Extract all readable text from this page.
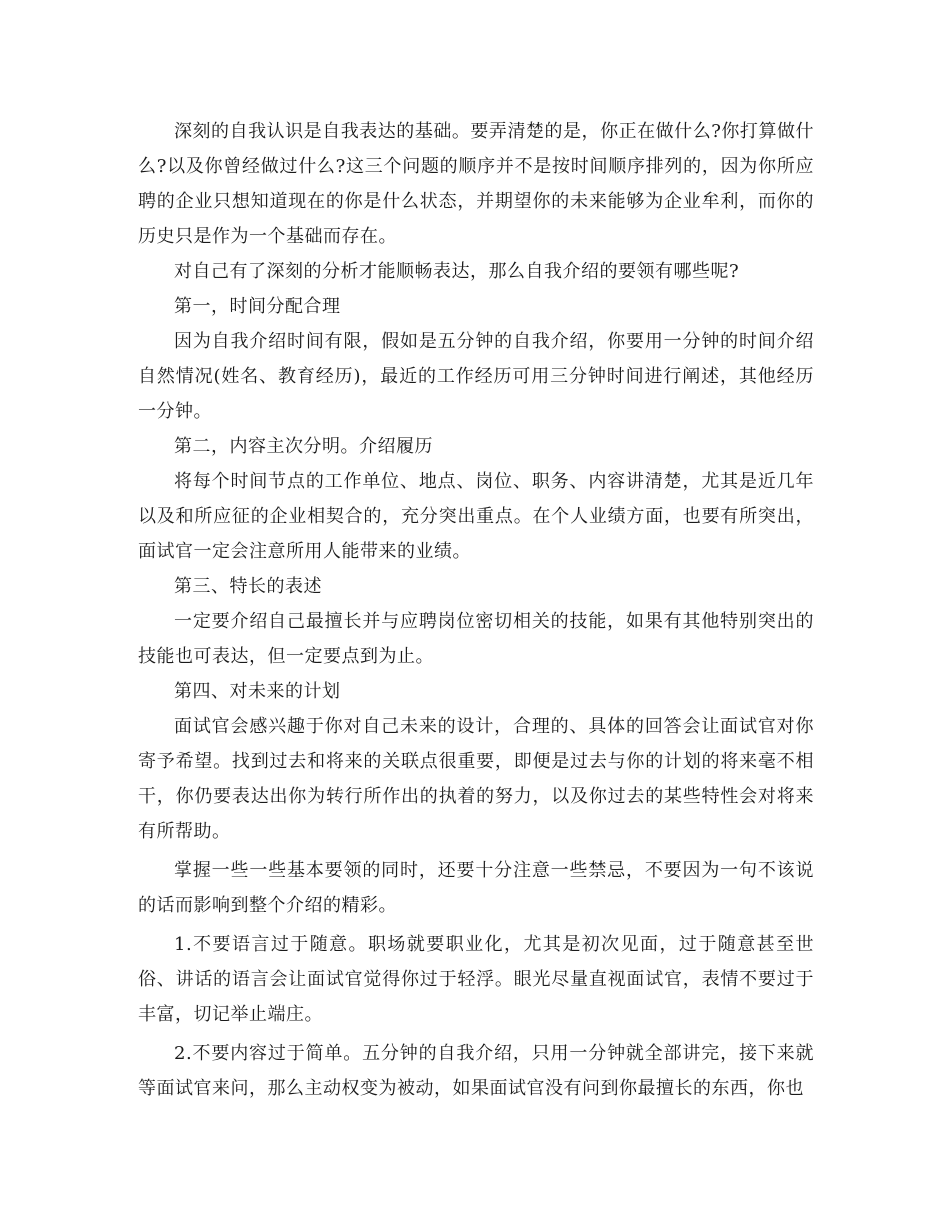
深刻的自我认识是自我表达的基础。要弄清楚的是，你正在做什么?你打算做什么?以及你曾经做过什么?这三个问题的顺序并不是按时间顺序排列的，因为你所应聘的企业只想知道现在的你是什么状态，并期望你的未来能够为企业牟利，而你的历史只是作为一个基础而存在。

对自己有了深刻的分析才能顺畅表达，那么自我介绍的要领有哪些呢?

第一，时间分配合理

因为自我介绍时间有限，假如是五分钟的自我介绍，你要用一分钟的时间介绍自然情况(姓名、教育经历)，最近的工作经历可用三分钟时间进行阐述，其他经历一分钟。

第二，内容主次分明。介绍履历

将每个时间节点的工作单位、地点、岗位、职务、内容讲清楚，尤其是近几年以及和所应征的企业相契合的，充分突出重点。在个人业绩方面，也要有所突出，面试官一定会注意所用人能带来的业绩。

第三、特长的表述

一定要介绍自己最擅长并与应聘岗位密切相关的技能，如果有其他特别突出的技能也可表达，但一定要点到为止。

第四、对未来的计划

面试官会感兴趣于你对自己未来的设计，合理的、具体的回答会让面试官对你寄予希望。找到过去和将来的关联点很重要，即便是过去与你的计划的将来毫不相干，你仍要表达出你为转行所作出的执着的努力，以及你过去的某些特性会对将来有所帮助。

掌握一些一些基本要领的同时，还要十分注意一些禁忌，不要因为一句不该说的话而影响到整个介绍的精彩。

1.不要语言过于随意。职场就要职业化，尤其是初次见面，过于随意甚至世俗、讲话的语言会让面试官觉得你过于轻浮。眼光尽量直视面试官，表情不要过于丰富，切记举止端庄。

2.不要内容过于简单。五分钟的自我介绍，只用一分钟就全部讲完，接下来就等面试官来问，那么主动权变为被动，如果面试官没有问到你最擅长的东西，你也
